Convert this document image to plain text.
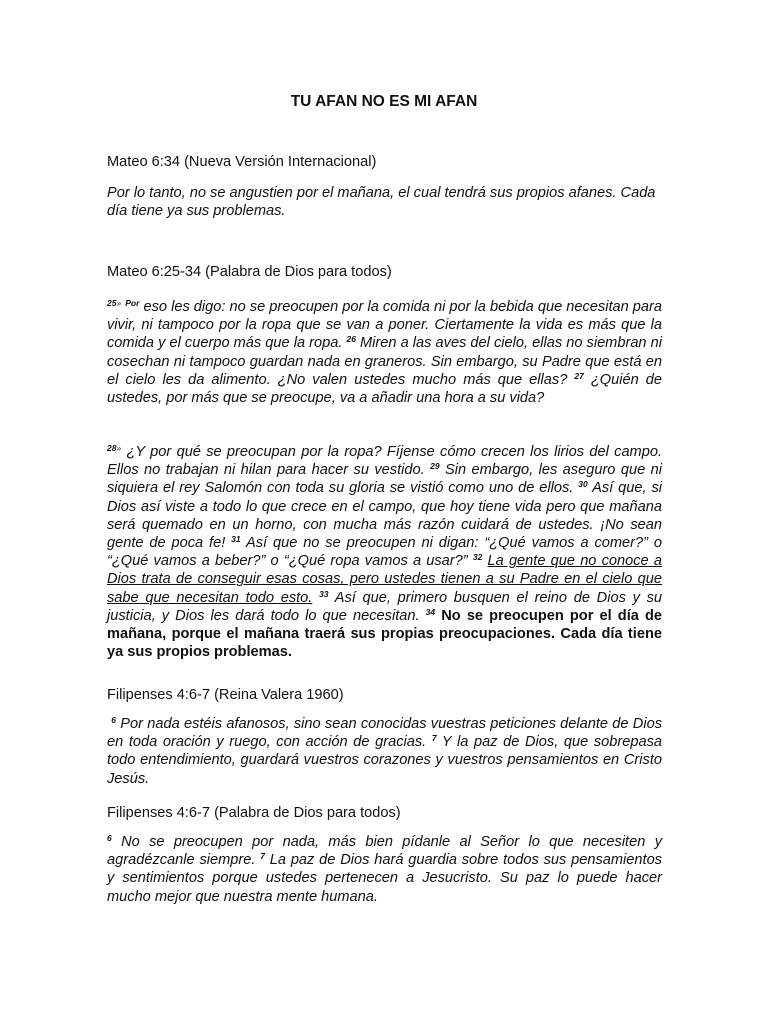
TU AFAN NO ES MI AFAN
Mateo 6:34 (Nueva Versión Internacional)

Por lo tanto, no se angustien por el mañana, el cual tendrá sus propios afanes. Cada día tiene ya sus problemas.

Mateo 6:25-34 (Palabra de Dios para todos)

$^{25»}$ $^{Por}$ eso les digo: no se preocupen por la comida ni por la bebida que necesitan para vivir, ni tampoco por la ropa que se van a poner. Ciertamente la vida es más que la comida y el cuerpo más que la ropa. $^{26}$ Miren a las aves del cielo, ellas no siembran ni cosechan ni tampoco guardan nada en graneros. Sin embargo, su Padre que está en el cielo les da alimento. ¿No valen ustedes mucho más que ellas? $^{27}$ ¿Quién de ustedes, por más que se preocupe, va a añadir una hora a su vida?

$^{28»}$ ¿Y por qué se preocupan por la ropa? Fíjense cómo crecen los lirios del campo. Ellos no trabajan ni hilan para hacer su vestido. $^{29}$ Sin embargo, les aseguro que ni siquiera el rey Salomón con toda su gloria se vistió como uno de ellos. $^{30}$ Así que, si Dios así viste a todo lo que crece en el campo, que hoy tiene vida pero que mañana será quemado en un horno, con mucha más razón cuidará de ustedes. ¡No sean gente de poca fe! $^{31}$ Así que no se preocupen ni digan: “¿Qué vamos a comer?” o “¿Qué vamos a beber?” o “¿Qué ropa vamos a usar?” $^{32}$ La gente que no conoce a Dios trata de conseguir esas cosas, pero ustedes tienen a su Padre en el cielo que sabe que necesitan todo esto. $^{33}$ Así que, primero busquen el reino de Dios y su justicia, y Dios les dará todo lo que necesitan. $^{34}$ No se preocupen por el día de mañana, porque el mañana traerá sus propias preocupaciones. Cada día tiene ya sus propios problemas.

Filipenses 4:6-7 (Reina Valera 1960)

$^6$ Por nada estéis afanosos, sino sean conocidas vuestras peticiones delante de Dios en toda oración y ruego, con acción de gracias. $^7$ Y la paz de Dios, que sobrepasa todo entendimiento, guardará vuestros corazones y vuestros pensamientos en Cristo Jesús.

Filipenses 4:6-7 (Palabra de Dios para todos)

$^6$ No se preocupen por nada, más bien pídanle al Señor lo que necesiten y agradézcanle siempre. $^7$ La paz de Dios hará guardia sobre todos sus pensamientos y sentimientos porque ustedes pertenecen a Jesucristo. Su paz lo puede hacer mucho mejor que nuestra mente humana.
